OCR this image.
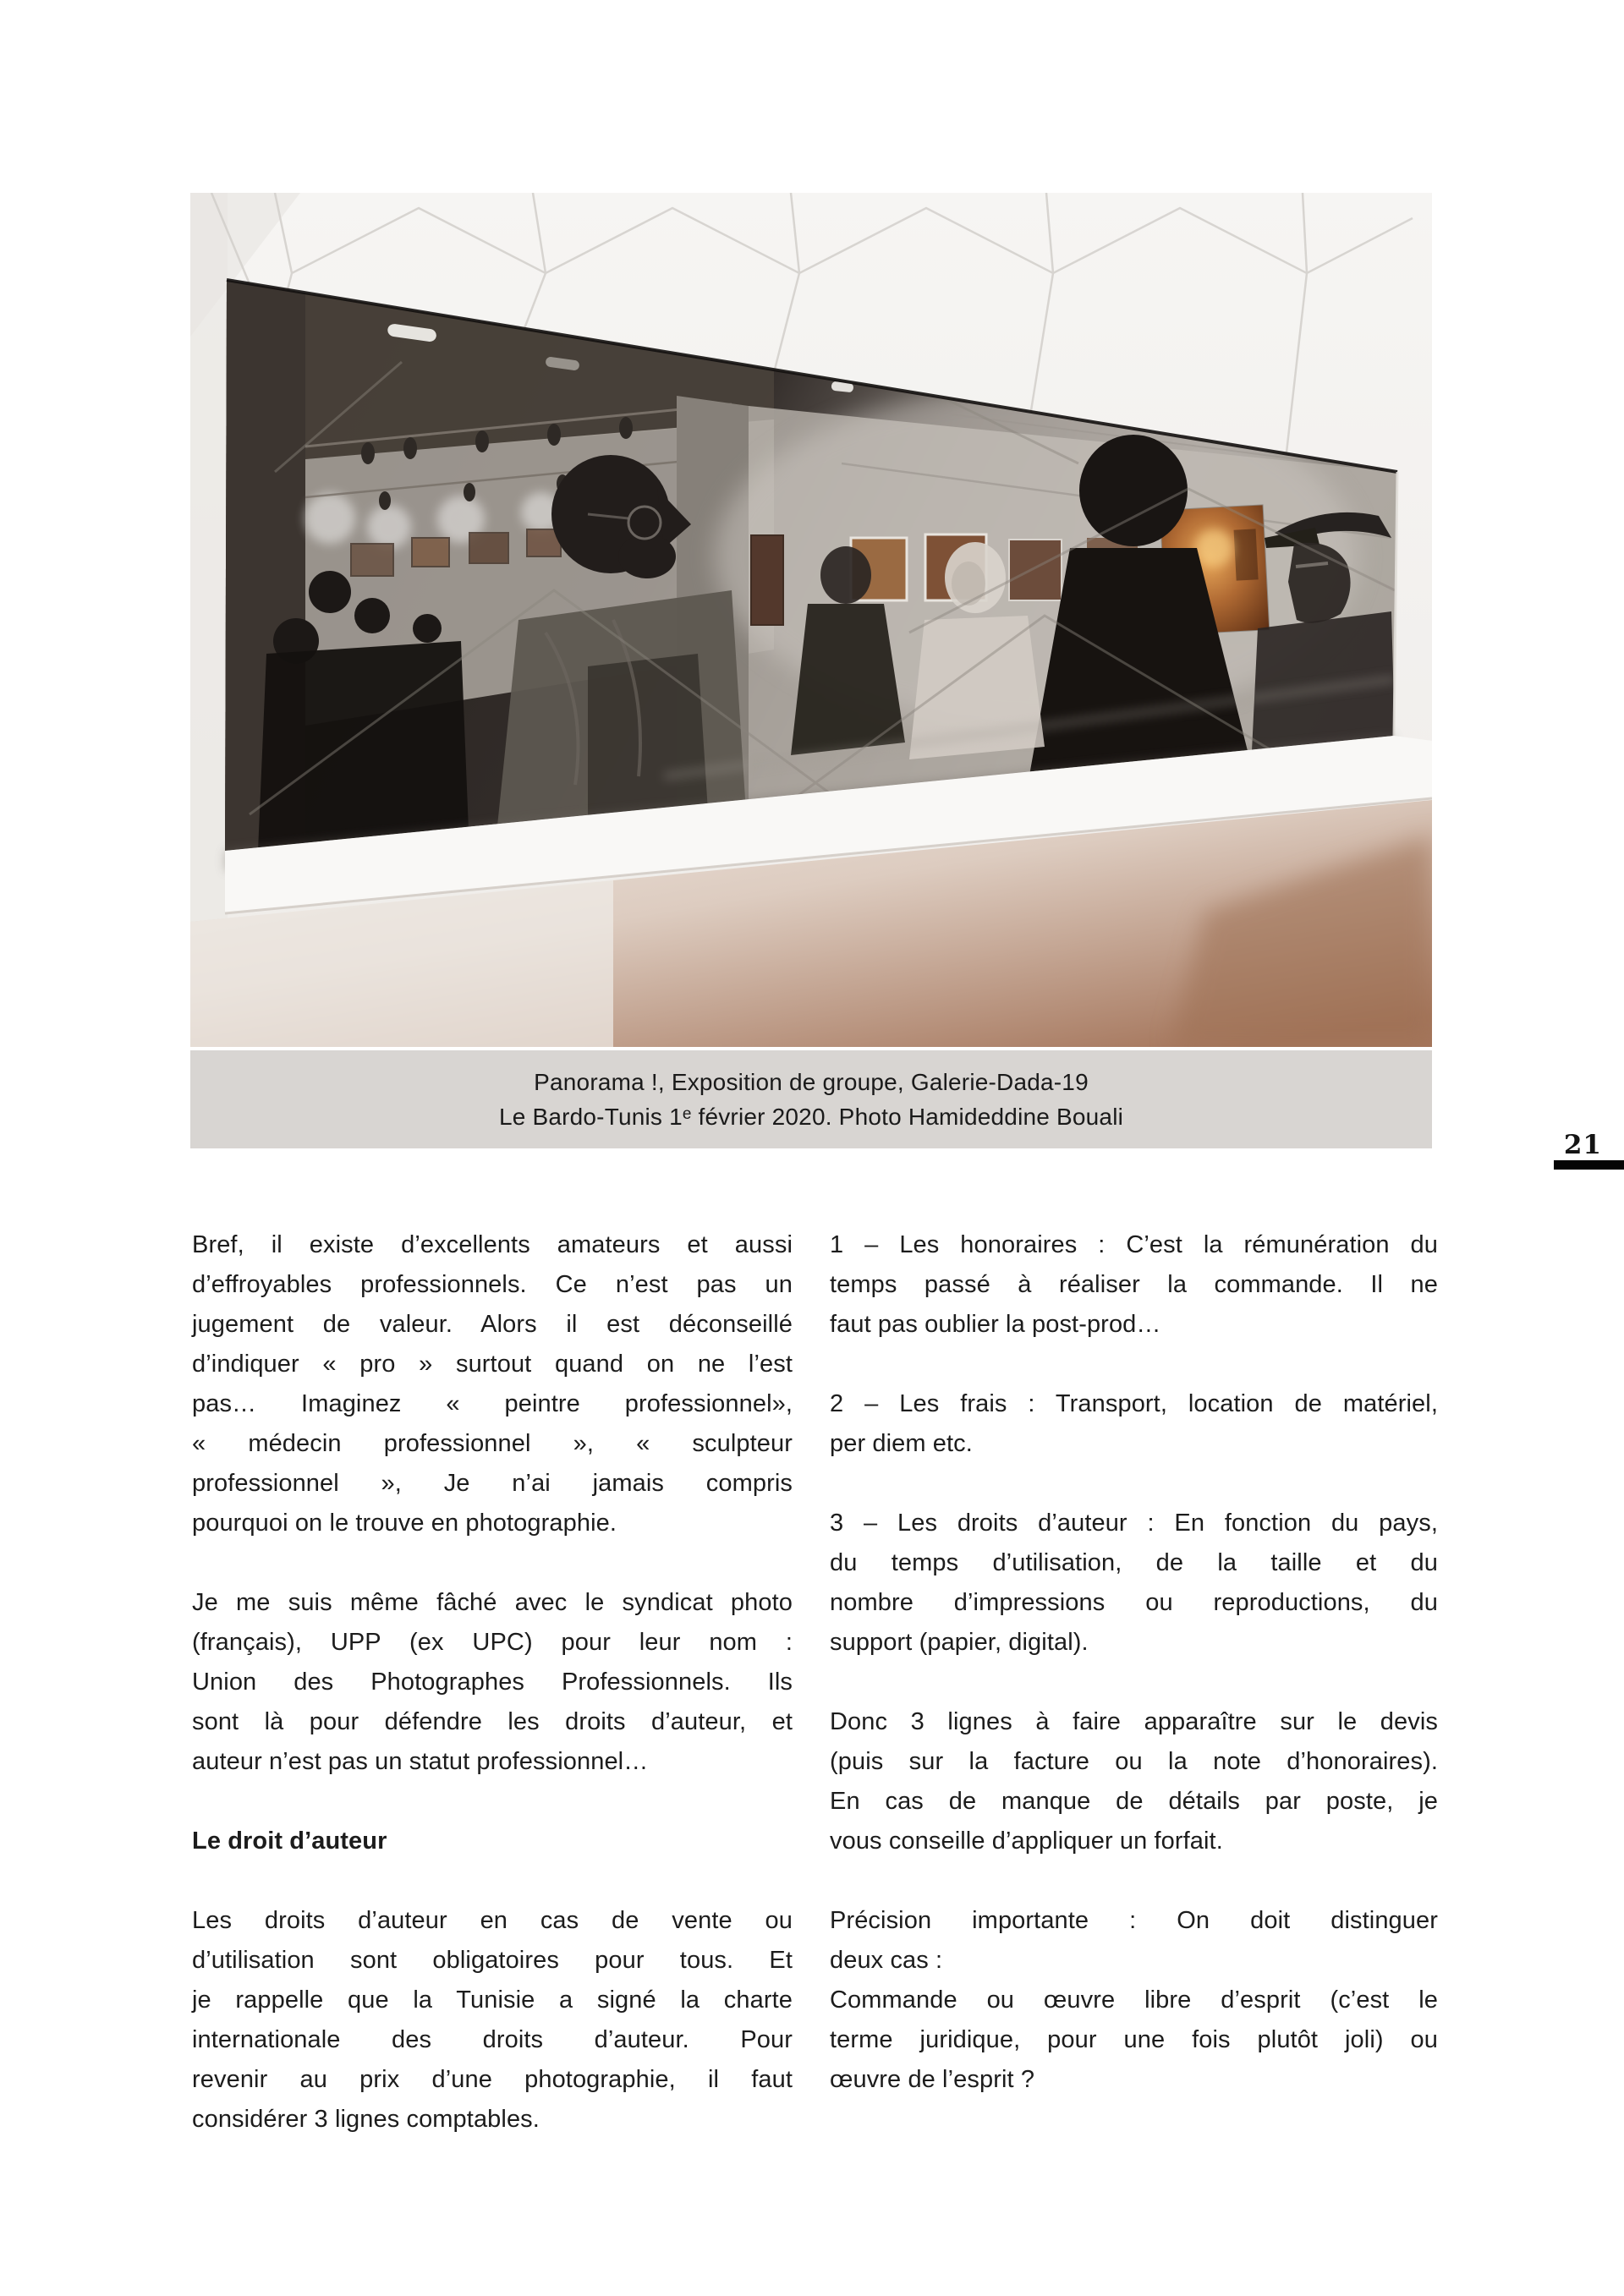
Panorama !, Exposition de groupe, Galerie-Dada-19
Le Bardo-Tunis 1ᵉ février 2020. Photo Hamideddine Bouali
21
Bref, il existe d’excellents amateurs et aussi
d’effroyables professionnels. Ce n’est pas un
jugement de valeur. Alors il est déconseillé
d’indiquer « pro » surtout quand on ne l’est
pas… Imaginez « peintre professionnel»,
« médecin professionnel », « sculpteur
professionnel », Je n’ai jamais compris
pourquoi on le trouve en photographie.
Je me suis même fâché avec le syndicat photo
(français), UPP (ex UPC) pour leur nom :
Union des Photographes Professionnels. Ils
sont là pour défendre les droits d’auteur, et
auteur n’est pas un statut professionnel…
Le droit d’auteur
Les droits d’auteur en cas de vente ou
d’utilisation sont obligatoires pour tous. Et
je rappelle que la Tunisie a signé la charte
internationale des droits d’auteur. Pour
revenir au prix d’une photographie, il faut
considérer 3 lignes comptables.
1 – Les honoraires : C’est la rémunération du
temps passé à réaliser la commande. Il ne
faut pas oublier la post-prod…
2 – Les frais : Transport, location de matériel,
per diem etc.
3 – Les droits d’auteur : En fonction du pays,
du temps d’utilisation, de la taille et du
nombre d’impressions ou reproductions, du
support (papier, digital).
Donc 3 lignes à faire apparaître sur le devis
(puis sur la facture ou la note d’honoraires).
En cas de manque de détails par poste, je
vous conseille d’appliquer un forfait.
Précision importante : On doit distinguer
deux cas :
Commande ou œuvre libre d’esprit (c’est le
terme juridique, pour une fois plutôt joli) ou
œuvre de l’esprit ?
